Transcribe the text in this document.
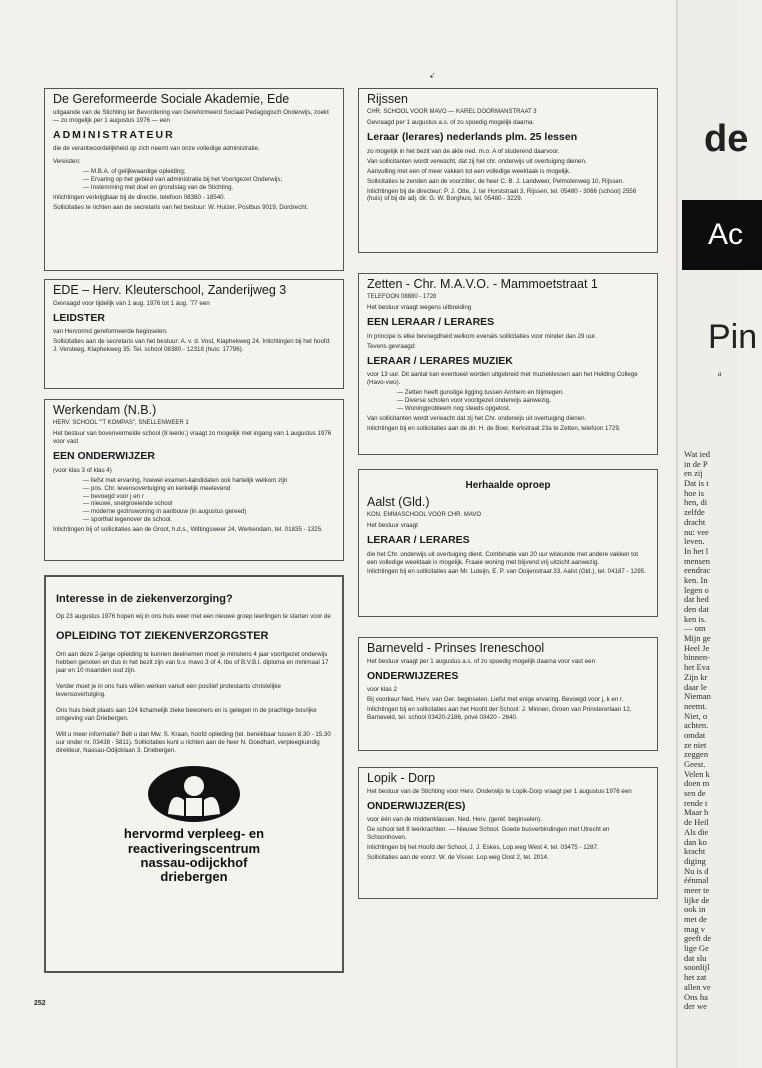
▪'
De Gereformeerde Sociale Akademie, Ede
uitgaande van de Stichting ter Bevordering van Gereformeerd Sociaal Pedagogisch Onderwijs, zoekt — zo mogelijk per 1 augustus 1976 — een
ADMINISTRATEUR
die de verantwoordelijkheid op zich neemt van onze volledige administratie.
Vereisten:
— M.B.A. of gelijkwaardige opleiding;
— Ervaring op het gebied van administratie bij het Voortgezet Onderwijs;
— Instemming met doel en grondslag van de Stichting.
Inlichtingen verkrijgbaar bij de directie, telefoon 08380 - 18540.
Sollicitaties te richten aan de secretaris van het bestuur: W. Huizer, Postbus 9019, Dordrecht.
EDE – Herv. Kleuterschool, Zanderijweg 3
Gevraagd voor tijdelijk van 1 aug. 1976 tot 1 aug. '77 een
LEIDSTER
van Hervormd gereformeerde beginselen.
Sollicitaties aan de secretaris van het bestuur: A. v. d. Vost, Klaphekweg 24. Inlichtingen bij het hoofd: J. Versteeg, Klaphekweg 35. Tel. school 08380 - 12318 (huis: 17796).
Werkendam (N.B.)
HERV. SCHOOL "'T KOMPAS", SNELLENWEER 1
Het bestuur van bovenvermelde school (8 leerkr.) vraagt zo mogelijk met ingang van 1 augustus 1976 voor vast
EEN ONDERWIJZER
(voor klas 3 of klas 4)
— liefst met ervaring, hoewel examen-kandidaten ook hartelijk welkom zijn
— pos. Chr. levensovertuiging en kerkelijk meelevend
— bevoegd voor j en r
— nieuwe, snelgroeiende school
— moderne gezinswoning in aanbouw (in augustus gereed)
— sporthal tegenover de school.
Inlichtingen bij of sollicitaties aan de Groot, h.d.s., Wittingsweer 24, Werkendam, tel. 01835 - 1325.
Interesse in de ziekenverzorging?
Op 23 augustus 1976 hopen wij in ons huis weer met een nieuwe groep leerlingen te starten voor de
OPLEIDING TOT ZIEKENVERZORGSTER
Om aan deze 2-jarige opleiding te kunnen deelnemen moet je minstens 4 jaar voortgezet onderwijs hebben genoten en dus in het bezit zijn van b.v. mavo 3 of 4, lbo of B.V.B.I. diploma en minimaal 17 jaar en 10 maanden oud zijn.
Verder moet je in ons huis willen werken vanuit een positief protestants christelijke levensovertuiging.
Ons huis biedt plaats aan 124 lichamelijk zieke bewoners en is gelegen in de prachtige bosrijke omgeving van Driebergen.
Wilt u meer informatie? Belt u dan Mw. S. Kraan, hoofd opleiding (tel. bereikbaar tussen 8.30 - 15.30 uur onder nr. 03438 - 5811). Sollicitaties kunt u richten aan de heer N. Goedhart, verpleegkundig direkteur, Nassau-Odijcklaan 3, Driebergen.
hervormd verpleeg- en
reactiveringscentrum
nassau-odijckhof
driebergen
Rijssen
CHR. SCHOOL VOOR MAVO — KAREL DOORMANSTRAAT 3
Gevraagd per 1 augustus a.s. of zo spoedig mogelijk daarna:
Leraar (lerares) nederlands plm. 25 lessen
zo mogelijk in het bezit van de akte ned. m.o. A of studerend daarvoor.
Van sollicitanten wordt verwacht, dat zij het chr. onderwijs uit overtuiging dienen.
Aanvulling met een of meer vakken tot een volledige weektaak is mogelijk.
Sollicitaties te zenden aan de voorzitter, de heer C. B. J. Landweer, Pelmolenweg 10, Rijssen.
Inlichtingen bij de directeur: P. J. Otte, J. ter Horststraat 3, Rijssen, tel. 05480 - 3066 (school) 2556 (huis) of bij de adj. dir. G. W. Borghuis, tel. 05480 - 3229.
Zetten - Chr. M.A.V.O. - Mammoetstraat 1
TELEFOON 08880 - 1728
Het bestuur vraagt wegens uitbreiding
EEN LERAAR / LERARES
In principe is elke bevoegdheid welkom evenals sollicitaties voor minder dan 29 uur.
Tevens gevraagd:
LERAAR / LERARES MUZIEK
voor 13 uur. Dit aantal kan eventueel worden uitgebreid met muzieklessen aan het Helding College (Havo-vwo).
— Zetten heeft gunstige ligging tussen Arnhem en Nijmegen.
— Diverse scholen voor voortgezet onderwijs aanwezig.
— Woningprobleem nog steeds opgelost.
Van sollicitanten wordt verwacht dat zij het Chr. onderwijs uit overtuiging dienen.
Inlichtingen bij en sollicitaties aan de dir. H. de Boer, Kerkstraat 23a te Zetten, telefoon 1729.
Herhaalde oproep
Aalst (Gld.)
KON. EMMASCHOOL VOOR CHR. MAVO
Het bestuur vraagt
LERAAR / LERARES
die het Chr. onderwijs uit overtuiging dient. Combinatie van 20 uur wiskunde met andere vakken tot een volledige weektaak is mogelijk. Fraaie woning met blijvend vrij uitzicht aanwezig.
Inlichtingen bij en sollicitaties aan Mr. Luteijn, E. P. van Ooijenstraat 33, Aalst (Gld.), tel. 04187 - 1295.
Barneveld - Prinses Ireneschool
Het bestuur vraagt per 1 augustus a.s. of zo spoedig mogelijk daarna voor vast een
ONDERWIJZERES
voor klas 2
Bij voorkeur Ned. Herv. van Ger. beginselen. Liefst met enige ervaring. Bevoegd voor j, k en r.
Inlichtingen bij en sollicitaties aan het Hoofd der School: J. Minnen, Groen van Prinstererlaan 12, Barneveld, tel. school 03420-2186, privé 03420 - 2640.
Lopik - Dorp
Het bestuur van de Stichting voor Herv. Onderwijs te Lopik-Dorp vraagt per 1 augustus 1976 een
ONDERWIJZER(ES)
voor één van de middenklassen. Ned. Herv. (geref. beginselen).
De school telt 8 leerkrachten. — Nieuwe School. Goede busverbindingen met Utrecht en Schoonhoven.
Inlichtingen bij het Hoofd der School, J. J. Eskes, Lop.weg West 4, tel. 03475 - 1287.
Sollicitaties aan de voorz. W. de Visser, Lop.weg Oost 2, tel. 2014.
252
de
Ac
Pin
a
Wat ied
in de P
en zij
Dat is t
hoe is
hen, di
zelfde
dracht
nu: vee
leven.
In het l
mensen
eendrac
ken. In
legen o
dat hed
den dat
ken is.
— om
Mijn ge
Heel Je
binnen-
het Eva
Zijn kr
daar le
Nieman
neemt.
Niet, o
achten.
omdat
ze niet
zeggen
Geest.
Velen k
doen m
sen de
rende t
Maar h
de Heil
Als die
dan ko
kracht
diging
Nu is d
éénmal
meer te
lijke de
ook in
met de
mag v
geeft de
lige Ge
dat slu
soonlijl
het zat
allen ve
Ons ha
der we
